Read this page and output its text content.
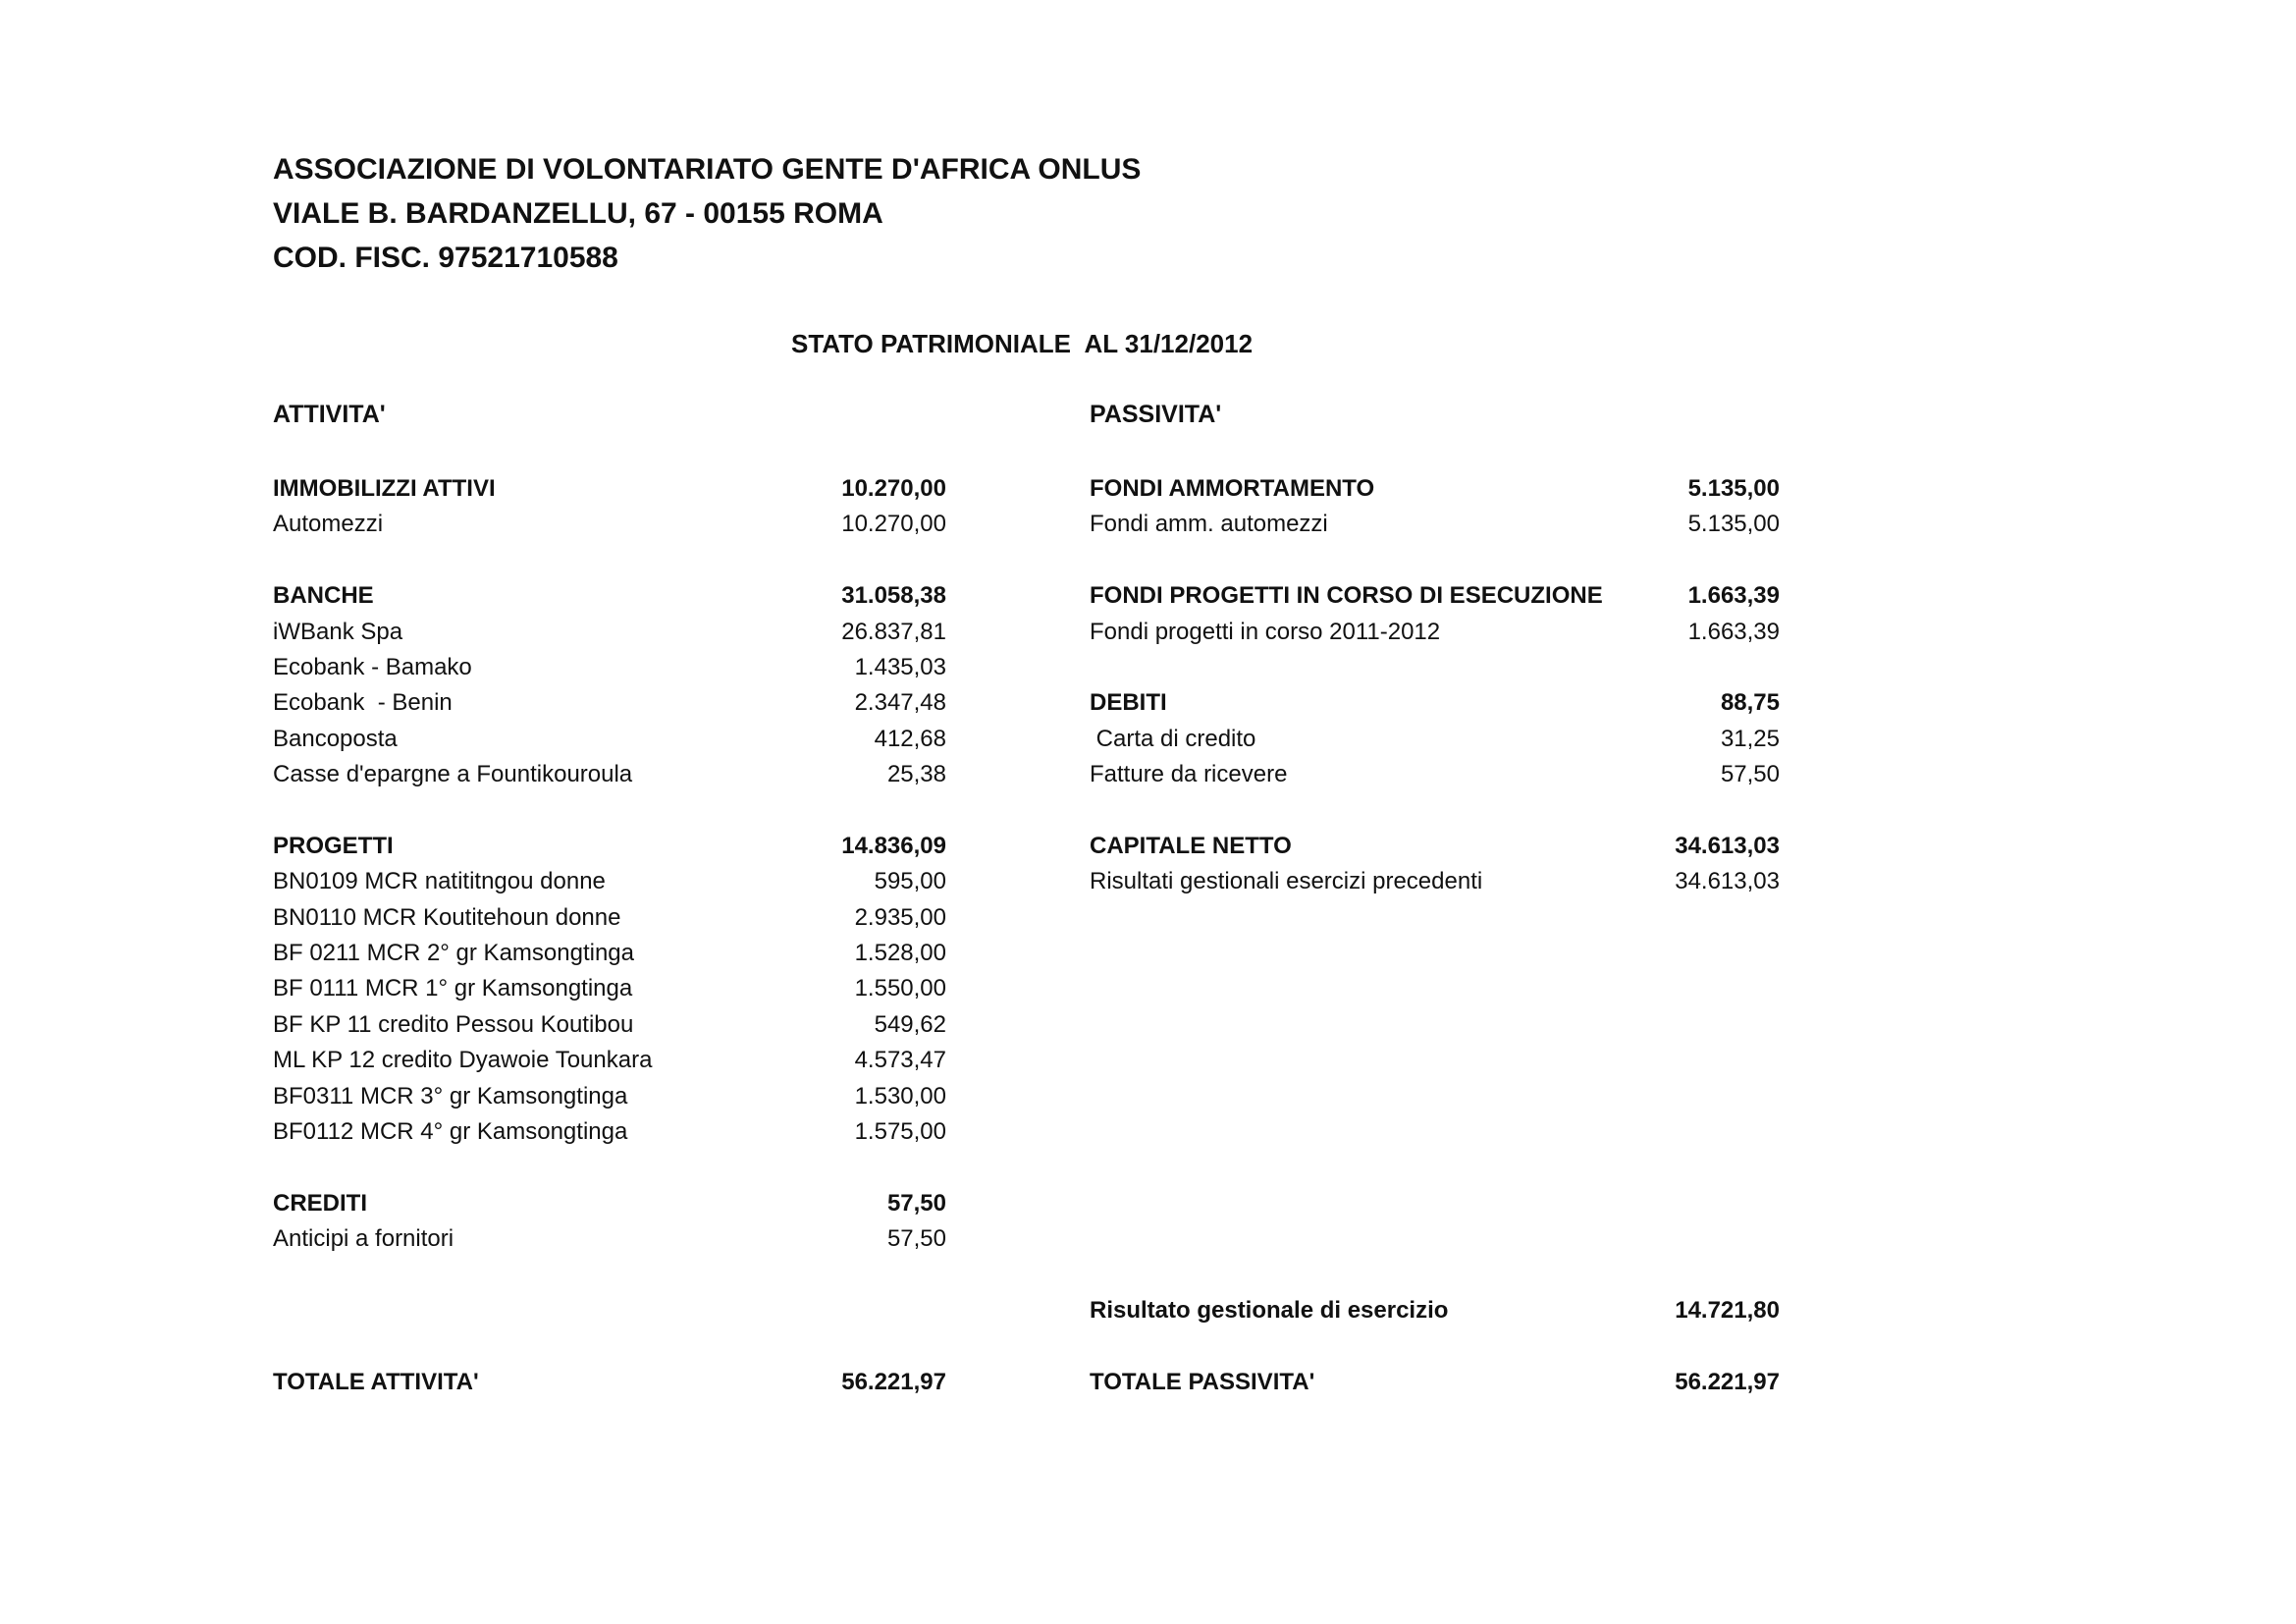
ASSOCIAZIONE DI VOLONTARIATO GENTE D'AFRICA ONLUS
VIALE B. BARDANZELLU, 67 - 00155 ROMA
COD. FISC. 97521710588
STATO PATRIMONIALE  AL 31/12/2012
ATTIVITA'	PASSIVITA'
IMMOBILIZZI ATTIVI	10.270,00
Automezzi	10.270,00
BANCHE	31.058,38
iWBank Spa	26.837,81
Ecobank - Bamako	1.435,03
Ecobank  - Benin	2.347,48
Bancoposta	412,68
Casse d'epargne a Fountikouroula	25,38
PROGETTI	14.836,09
BN0109 MCR natititngou donne	595,00
BN0110 MCR Koutitehoun donne	2.935,00
BF 0211 MCR 2° gr Kamsongtinga	1.528,00
BF 0111 MCR 1° gr Kamsongtinga	1.550,00
BF KP 11 credito Pessou Koutibou	549,62
ML KP 12 credito Dyawoie Tounkara	4.573,47
BF0311 MCR 3° gr Kamsongtinga	1.530,00
BF0112 MCR 4° gr Kamsongtinga	1.575,00
CREDITI	57,50
Anticipi a fornitori	57,50
FONDI AMMORTAMENTO	5.135,00
Fondi amm. automezzi	5.135,00
FONDI PROGETTI IN CORSO DI ESECUZIONE	1.663,39
Fondi progetti in corso 2011-2012	1.663,39
DEBITI	88,75
Carta di credito	31,25
Fatture da ricevere	57,50
CAPITALE NETTO	34.613,03
Risultati gestionali esercizi precedenti	34.613,03
Risultato gestionale di esercizio	14.721,80
TOTALE ATTIVITA'	56.221,97	TOTALE PASSIVITA'	56.221,97
